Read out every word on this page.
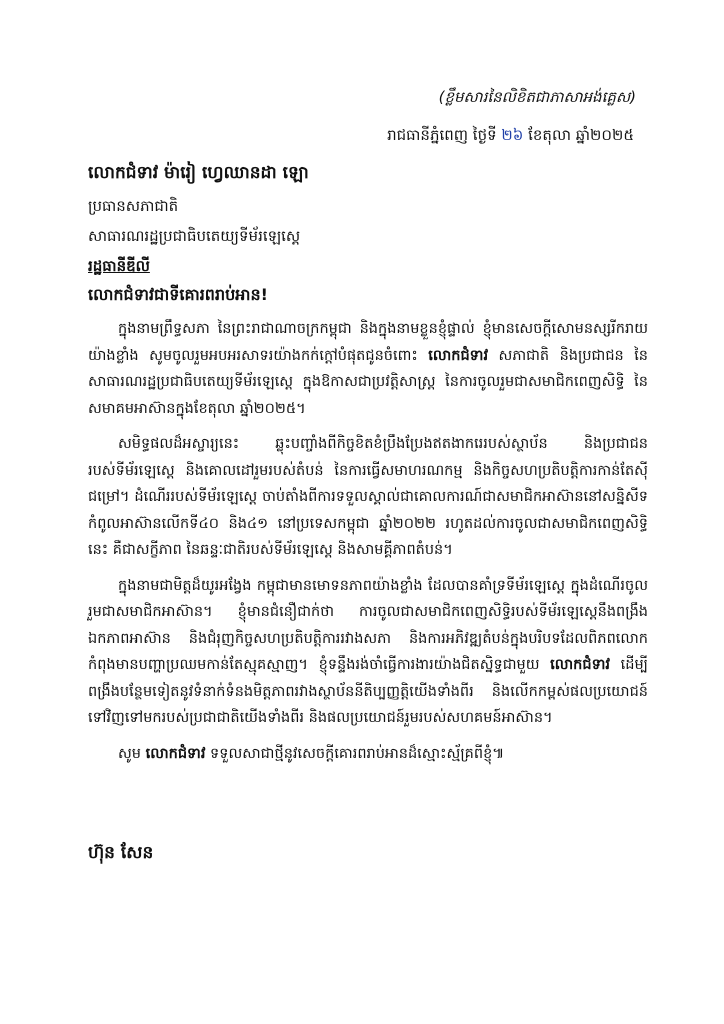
(ខ្លឹមសារនៃលិខិតជាភាសាអង់គ្លេស)
រាជធានីភ្នំពេញ ថ្ងៃទី ២៦ ខែតុលា ឆ្នាំ២០២៥
លោកជំទាវ ម៉ារៀ ហ្វេឈានដា ឡោ
ប្រធានសភាជាតិ
សាធារណរដ្ឋប្រជាធិបតេយ្យទីម័រឡេស្តេ
រដ្ឋធានីឌីលី
លោកជំទាវជាទីគោរពរាប់អាន!

ក្នុងនាមព្រឹទ្ធសភា នៃព្រះរាជាណាចក្រកម្ពុជា និងក្នុងនាមខ្លួនខ្ញុំផ្ទាល់ ខ្ញុំមានសេចក្តីសោមនស្សរីករាយយ៉ាងខ្លាំង សូមចូលរួមអបអរសាទរយ៉ាងកក់ក្តៅបំផុតជូនចំពោះ លោកជំទាវ សភាជាតិ និងប្រជាជន នៃសាធារណរដ្ឋប្រជាធិបតេយ្យទីម័រឡេស្តេ ក្នុងឱកាសជាប្រវត្តិសាស្ត្រ នៃការចូលរួមជាសមាជិកពេញសិទ្ធិ នៃសមាគមអាស៊ានក្នុងខែតុលា ឆ្នាំ២០២៥។

សមិទ្ធផលដ៏អស្ចារ្យនេះ ឆ្លុះបញ្ចាំងពីកិច្ចខិតខំប្រឹងប្រែងឥតងាករេរបស់ស្ថាប័ន និងប្រជាជនរបស់ទីម័រឡេស្តេ និងគោលដៅរួមរបស់តំបន់ នៃការធ្វើសមាហរណកម្ម និងកិច្ចសហប្រតិបត្តិការកាន់តែស៊ីជម្រៅ។ ដំណើររបស់ទីម័រឡេស្តេ ចាប់តាំងពីការទទួលស្គាល់ជាគោលការណ៍ជាសមាជិកអាស៊ាននៅសន្និសីទកំពូលអាស៊ានលើកទី៤០ និង៤១ នៅប្រទេសកម្ពុជា ឆ្នាំ២០២២ រហូតដល់ការចូលជាសមាជិកពេញសិទ្ធិនេះ គឺជាសក្ខីភាព នៃឆន្ទៈជាតិរបស់ទីម័រឡេស្តេ និងសាមគ្គីភាពតំបន់។

ក្នុងនាមជាមិត្តដ៏យូរអង្វែង កម្ពុជាមានមោទនភាពយ៉ាងខ្លាំង ដែលបានគាំទ្រទីម័រឡេស្តេ ក្នុងដំណើរចូលរួមជាសមាជិកអាស៊ាន។ ខ្ញុំមានជំនឿជាក់ថា ការចូលជាសមាជិកពេញសិទ្ធិរបស់ទីម័រឡេស្តេនឹងពង្រឹងឯកភាពអាស៊ាន និងជំរុញកិច្ចសហប្រតិបត្តិការរវាងសភា និងការអភិវឌ្ឍតំបន់ក្នុងបរិបទដែលពិភពលោកកំពុងមានបញ្ហាប្រឈមកាន់តែស្មុគស្មាញ។ ខ្ញុំទន្ទឹងរង់ចាំធ្វើការងារយ៉ាងជិតស្និទ្ធជាមួយ លោកជំទាវ ដើម្បីពង្រឹងបន្ថែមទៀតនូវទំនាក់ទំនងមិត្តភាពរវាងស្ថាប័ននីតិប្បញ្ញត្តិយើងទាំងពីរ និងលើកកម្ពស់ផលប្រយោជន៍ទៅវិញទៅមករបស់ប្រជាជាតិយើងទាំងពីរ និងផលប្រយោជន៍រួមរបស់សហគមន៍អាស៊ាន។

សូម លោកជំទាវ ទទួលសាជាថ្មីនូវសេចក្តីគោរពរាប់អានដ៏ស្មោះស្ម័គ្រពីខ្ញុំ៕

ហ៊ុន សែន
